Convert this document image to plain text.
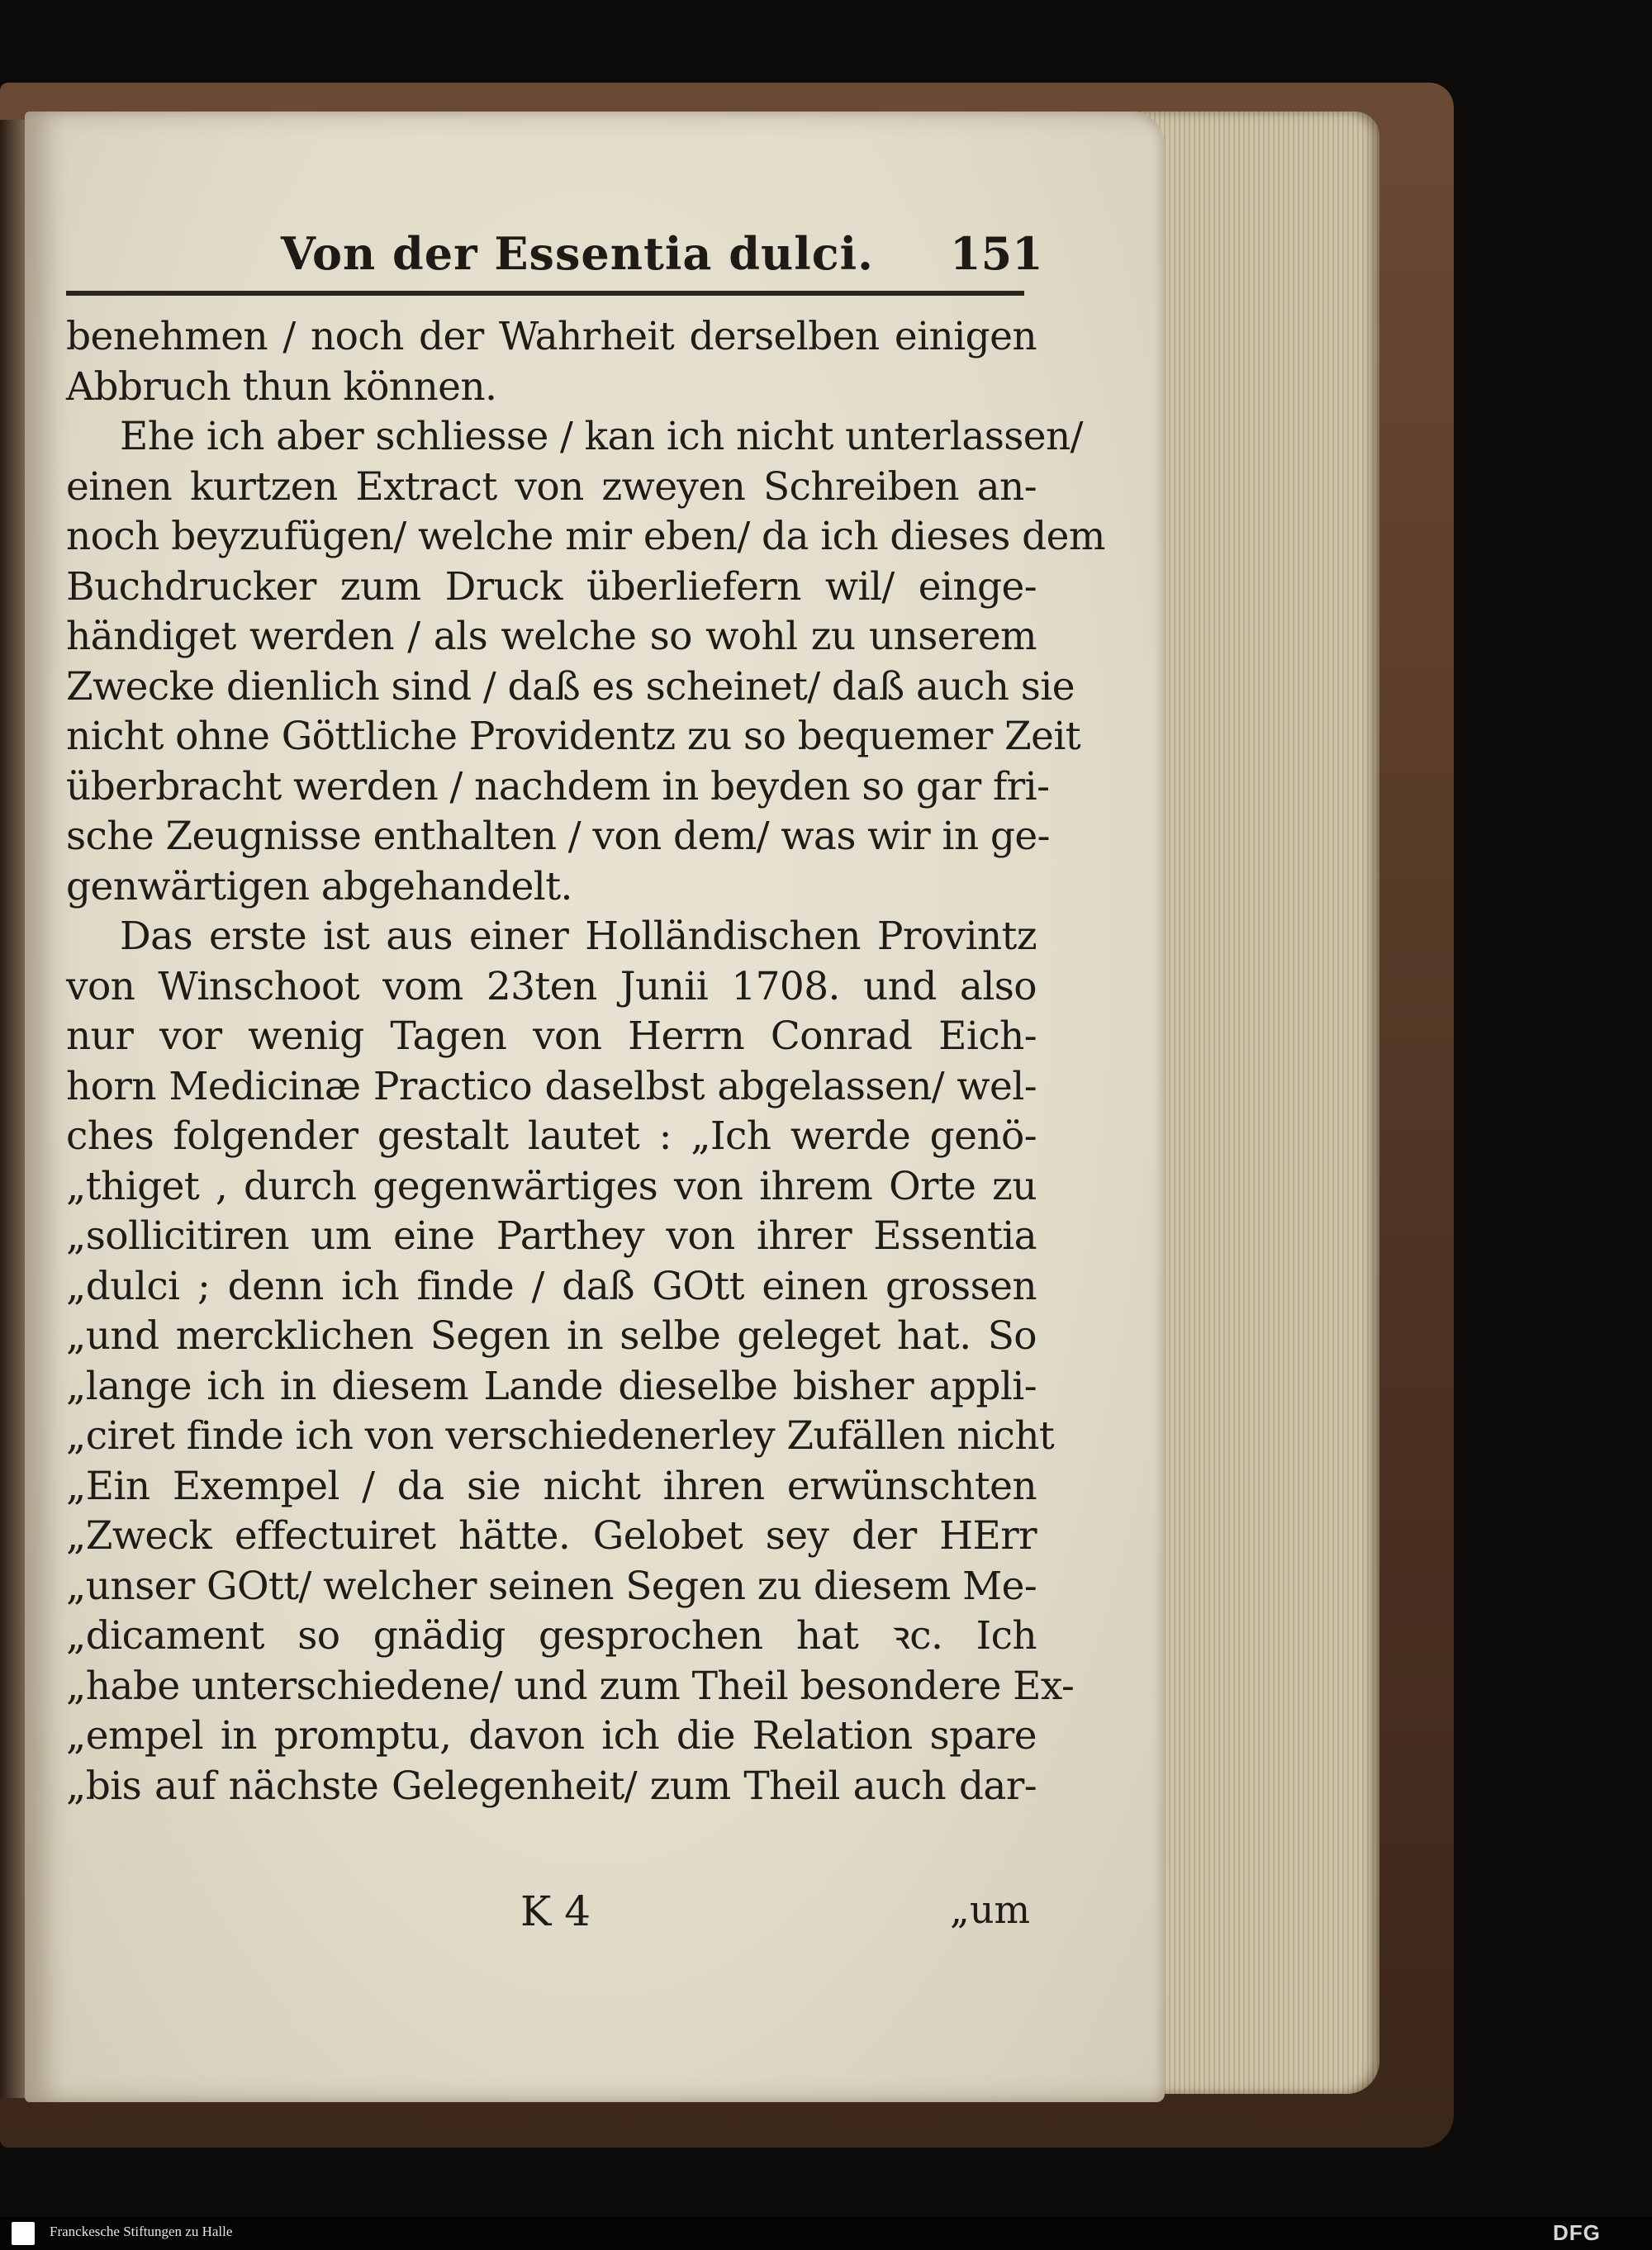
Von der Essentia dulci.	151
benehmen / noch der Wahrheit derselben einigen
Abbruch thun können.
Ehe ich aber schliesse / kan ich nicht unterlassen/
einen kurtzen Extract von zweyen Schreiben an-
noch beyzufügen/ welche mir eben/ da ich dieses dem
Buchdrucker zum Druck überliefern wil/ einge-
händiget werden / als welche so wohl zu unserem
Zwecke dienlich sind / daß es scheinet/ daß auch sie
nicht ohne Göttliche Providentz zu so bequemer Zeit
überbracht werden / nachdem in beyden so gar fri-
sche Zeugnisse enthalten / von dem/ was wir in ge-
genwärtigen abgehandelt.
Das erste ist aus einer Holländischen Provintz
von Winschoot vom 23ten Junii 1708. und also
nur vor wenig Tagen von Herrn Conrad Eich-
horn Medicinæ Practico daselbst abgelassen/ wel-
ches folgender gestalt lautet : „Ich werde genö-
„thiget , durch gegenwärtiges von ihrem Orte zu
„sollicitiren um eine Parthey von ihrer Essentia
„dulci ; denn ich finde / daß GOtt einen grossen
„und mercklichen Segen in selbe geleget hat. So
„lange ich in diesem Lande dieselbe bisher appli-
„ciret finde ich von verschiedenerley Zufällen nicht
„Ein Exempel / da sie nicht ihren erwünschten
„Zweck effectuiret hätte. Gelobet sey der HErr
„unser GOtt/ welcher seinen Segen zu diesem Me-
„dicament so gnädig gesprochen hat ꝛc. Ich
„habe unterschiedene/ und zum Theil besondere Ex-
„empel in promptu, davon ich die Relation spare
„bis auf nächste Gelegenheit/ zum Theil auch dar-
K 4	„um
Franckesche Stiftungen zu Halle	DFG
